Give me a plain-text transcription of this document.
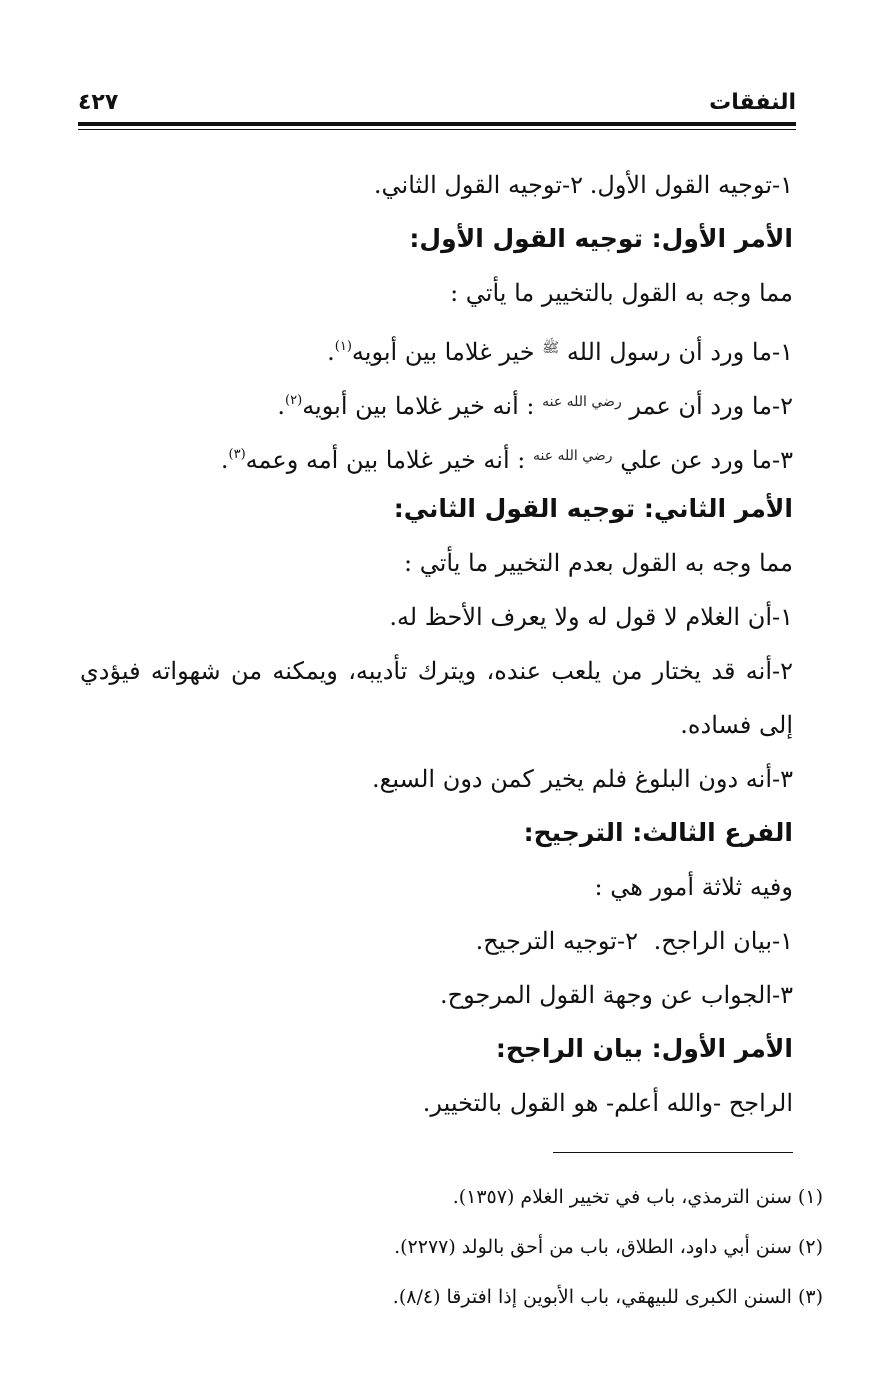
النفقات
٤٢٧
١-توجيه القول الأول.
٢-توجيه القول الثاني.
الأمر الأول: توجيه القول الأول:
مما وجه به القول بالتخيير ما يأتي :
١-ما ورد أن رسول الله $^ﷺ$ خير غلاما بين أبويه$^{(١)}$.
٢-ما ورد أن عمر $^{رضي الله عنه}$ : أنه خير غلاما بين أبويه$^{(٢)}$.
٣-ما ورد عن علي $^{رضي الله عنه}$ : أنه خير غلاما بين أمه وعمه$^{(٣)}$.
الأمر الثاني: توجيه القول الثاني:
مما وجه به القول بعدم التخيير ما يأتي :
١-أن الغلام لا قول له ولا يعرف الأحظ له.
٢-أنه قد يختار من يلعب عنده، ويترك تأديبه، ويمكنه من شهواته فيؤدي
إلى فساده.
٣-أنه دون البلوغ فلم يخير كمن دون السبع.
الفرع الثالث: الترجيح:
وفيه ثلاثة أمور هي :
١-بيان الراجح.
٢-توجيه الترجيح.
٣-الجواب عن وجهة القول المرجوح.
الأمر الأول: بيان الراجح:
الراجح -والله أعلم- هو القول بالتخيير.
(١) سنن الترمذي، باب في تخيير الغلام (١٣٥٧).
(٢) سنن أبي داود، الطلاق، باب من أحق بالولد (٢٢٧٧).
(٣) السنن الكبرى للبيهقي، باب الأبوين إذا افترقا (٨/٤).
